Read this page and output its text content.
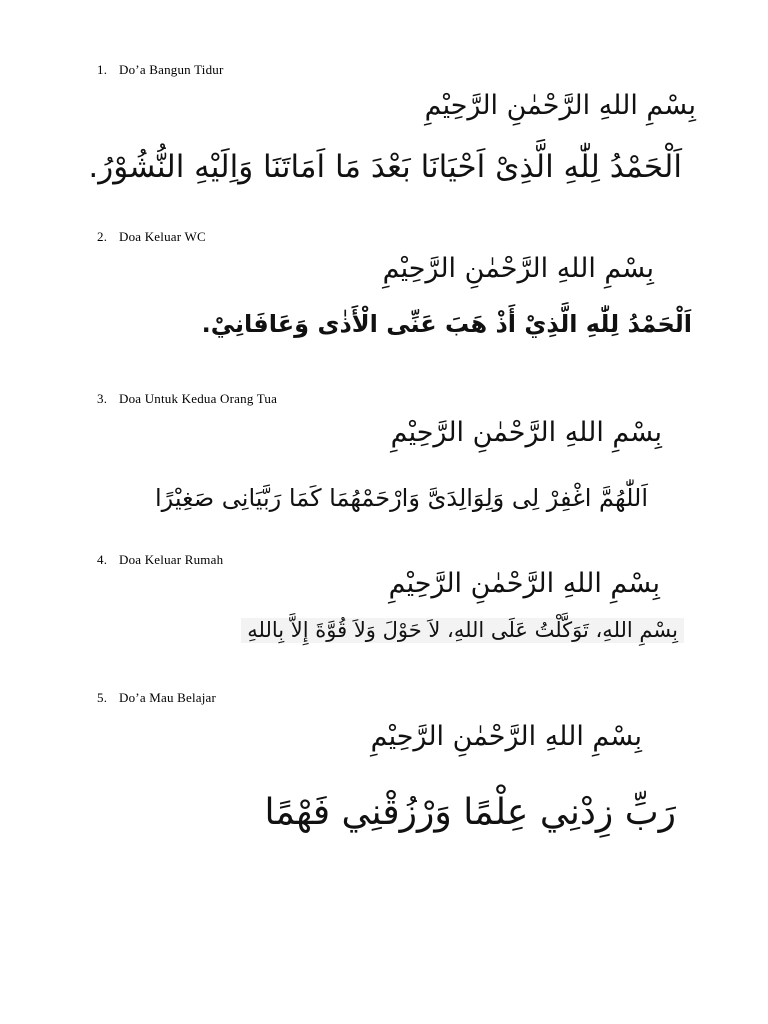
1. Do’a Bangun Tidur
بِسْمِ اللهِ الرَّحْمٰنِ الرَّحِيْمِ
اَلْحَمْدُ لِلّٰهِ الَّذِىْ اَحْيَانَا بَعْدَ مَا اَمَاتَنَا وَاِلَيْهِ النُّشُوْرُ.
2. Doa Keluar WC
بِسْمِ اللهِ الرَّحْمٰنِ الرَّحِيْمِ
اَلْحَمْدُ لِلّٰهِ الَّذِيْ أَذْ هَبَ عَنِّى الْأَذٰى وَعَافَانِيْ.
3. Doa Untuk Kedua Orang Tua
بِسْمِ اللهِ الرَّحْمٰنِ الرَّحِيْمِ
اَللّٰهُمَّ اغْفِرْ لِى وَلِوَالِدَىَّ وَارْحَمْهُمَا كَمَا رَبَّيَانِى صَغِيْرًا
4. Doa Keluar Rumah
بِسْمِ اللهِ الرَّحْمٰنِ الرَّحِيْمِ
بِسْمِ اللهِ، تَوَكَّلْتُ عَلَى اللهِ، لاَ حَوْلَ وَلاَ قُوَّةَ إِلاَّ بِاللهِ
5. Do’a Mau Belajar
بِسْمِ اللهِ الرَّحْمٰنِ الرَّحِيْمِ
رَبِّ زِدْنِي عِلْمًا وَرْزُقْنِي فَهْمًا
